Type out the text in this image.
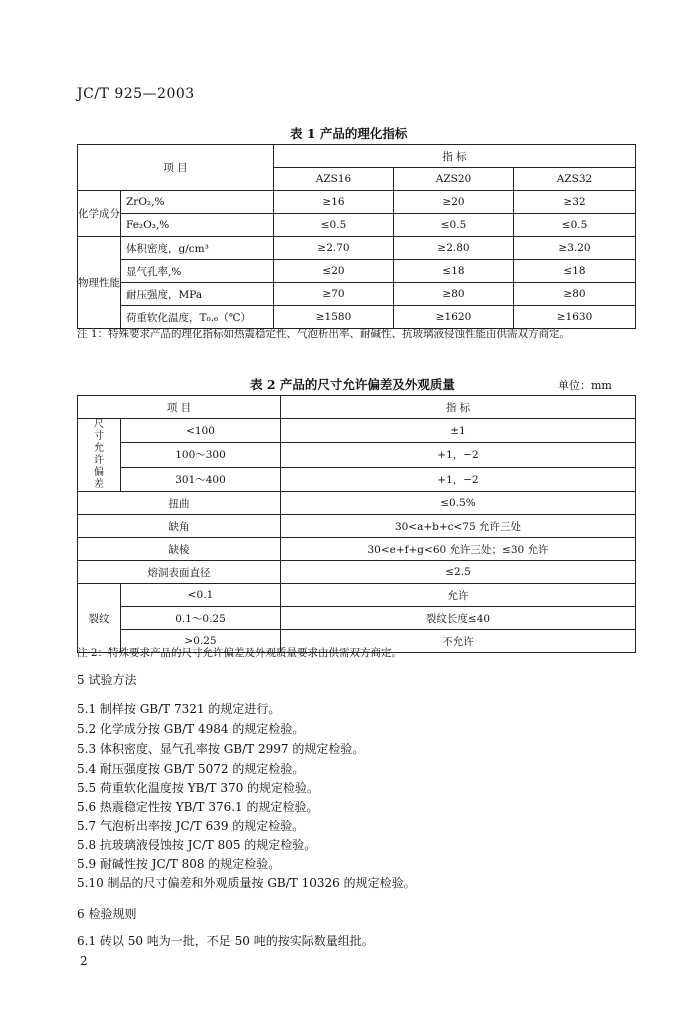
JC/T 925—2003
表 1 产品的理化指标
项 目		指 标		
		AZS16	AZS20	AZS32
化学成分	ZrO₂,%	≥16	≥20	≥32
	Fe₂O₃,%	≤0.5	≤0.5	≤0.5
物理性能	体积密度，g/cm³	≥2.70	≥2.80	≥3.20
	显气孔率,%	≤20	≤18	≤18
	耐压强度，MPa	≥70	≥80	≥80
	荷重软化温度，T₀.₆（℃）	≥1580	≥1620	≥1630
注 1：特殊要求产品的理化指标如热震稳定性、气泡析出率、耐碱性、抗玻璃液侵蚀性能由供需双方商定。
表 2 产品的尺寸允许偏差及外观质量	单位：mm
项 目		指 标

尺寸允许偏差	<100	±1
	100～300	+1，−2
	301～400	+1，−2
扭曲		≤0.5%
缺角		30<a+b+c<75 允许三处
缺棱		30<e+f+g<60 允许三处；≤30 允许
熔洞表面直径		≤2.5
裂纹	<0.1	允许
	0.1～0.25	裂纹长度≤40
	>0.25	不允许
注 2：特殊要求产品的尺寸允许偏差及外观质量要求由供需双方商定。
5 试验方法
5.1 制样按 GB/T 7321 的规定进行。
5.2 化学成分按 GB/T 4984 的规定检验。
5.3 体积密度、显气孔率按 GB/T 2997 的规定检验。
5.4 耐压强度按 GB/T 5072 的规定检验。
5.5 荷重软化温度按 YB/T 370 的规定检验。
5.6 热震稳定性按 YB/T 376.1 的规定检验。
5.7 气泡析出率按 JC/T 639 的规定检验。
5.8 抗玻璃液侵蚀按 JC/T 805 的规定检验。
5.9 耐碱性按 JC/T 808 的规定检验。
5.10 制品的尺寸偏差和外观质量按 GB/T 10326 的规定检验。
6 检验规则
6.1 砖以 50 吨为一批，不足 50 吨的按实际数量组批。
2
